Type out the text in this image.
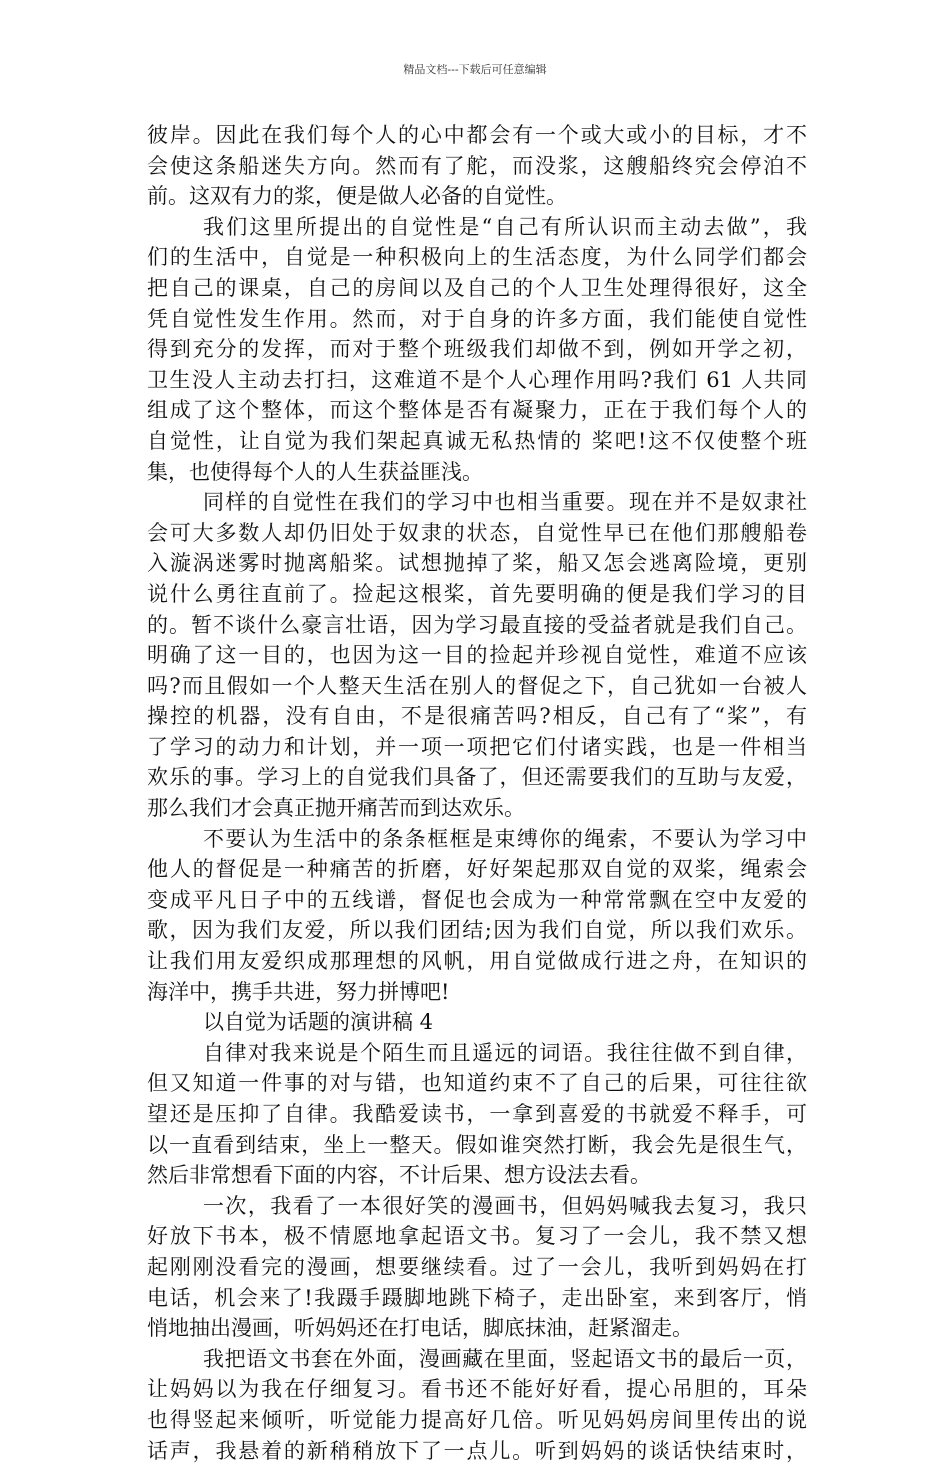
精品文档---下载后可任意编辑
彼岸。因此在我们每个人的心中都会有一个或大或小的目标，才不
会使这条船迷失方向。然而有了舵，而没浆，这艘船终究会停泊不
前。这双有力的浆，便是做人必备的自觉性。
我们这里所提出的自觉性是“自己有所认识而主动去做”，我
们的生活中，自觉是一种积极向上的生活态度，为什么同学们都会
把自己的课桌，自己的房间以及自己的个人卫生处理得很好，这全
凭自觉性发生作用。然而，对于自身的许多方面，我们能使自觉性
得到充分的发挥，而对于整个班级我们却做不到，例如开学之初，
卫生没人主动去打扫，这难道不是个人心理作用吗?我们 61 人共同
组成了这个整体，而这个整体是否有凝聚力，正在于我们每个人的
自觉性，让自觉为我们架起真诚无私热情的 桨吧!这不仅使整个班
集，也使得每个人的人生获益匪浅。
同样的自觉性在我们的学习中也相当重要。现在并不是奴隶社
会可大多数人却仍旧处于奴隶的状态，自觉性早已在他们那艘船卷
入漩涡迷雾时抛离船桨。试想抛掉了桨，船又怎会逃离险境，更别
说什么勇往直前了。捡起这根桨，首先要明确的便是我们学习的目
的。暂不谈什么豪言壮语，因为学习最直接的受益者就是我们自己。
明确了这一目的，也因为这一目的捡起并珍视自觉性，难道不应该
吗?而且假如一个人整天生活在别人的督促之下，自己犹如一台被人
操控的机器，没有自由，不是很痛苦吗?相反，自己有了“桨”，有
了学习的动力和计划，并一项一项把它们付诸实践，也是一件相当
欢乐的事。学习上的自觉我们具备了，但还需要我们的互助与友爱，
那么我们才会真正抛开痛苦而到达欢乐。
不要认为生活中的条条框框是束缚你的绳索，不要认为学习中
他人的督促是一种痛苦的折磨，好好架起那双自觉的双桨，绳索会
变成平凡日子中的五线谱，督促也会成为一种常常飘在空中友爱的
歌，因为我们友爱，所以我们团结;因为我们自觉，所以我们欢乐。
让我们用友爱织成那理想的风帆，用自觉做成行进之舟，在知识的
海洋中，携手共进，努力拼博吧!
以自觉为话题的演讲稿 4
自律对我来说是个陌生而且遥远的词语。我往往做不到自律，
但又知道一件事的对与错，也知道约束不了自己的后果，可往往欲
望还是压抑了自律。我酷爱读书，一拿到喜爱的书就爱不释手，可
以一直看到结束，坐上一整天。假如谁突然打断，我会先是很生气，
然后非常想看下面的内容，不计后果、想方设法去看。
一次，我看了一本很好笑的漫画书，但妈妈喊我去复习，我只
好放下书本，极不情愿地拿起语文书。复习了一会儿，我不禁又想
起刚刚没看完的漫画，想要继续看。过了一会儿，我听到妈妈在打
电话，机会来了!我蹑手蹑脚地跳下椅子，走出卧室，来到客厅，悄
悄地抽出漫画，听妈妈还在打电话，脚底抹油，赶紧溜走。
我把语文书套在外面，漫画藏在里面，竖起语文书的最后一页，
让妈妈以为我在仔细复习。看书还不能好好看，提心吊胆的，耳朵
也得竖起来倾听，听觉能力提高好几倍。听见妈妈房间里传出的说
话声，我悬着的新稍稍放下了一点儿。听到妈妈的谈话快结束时，
